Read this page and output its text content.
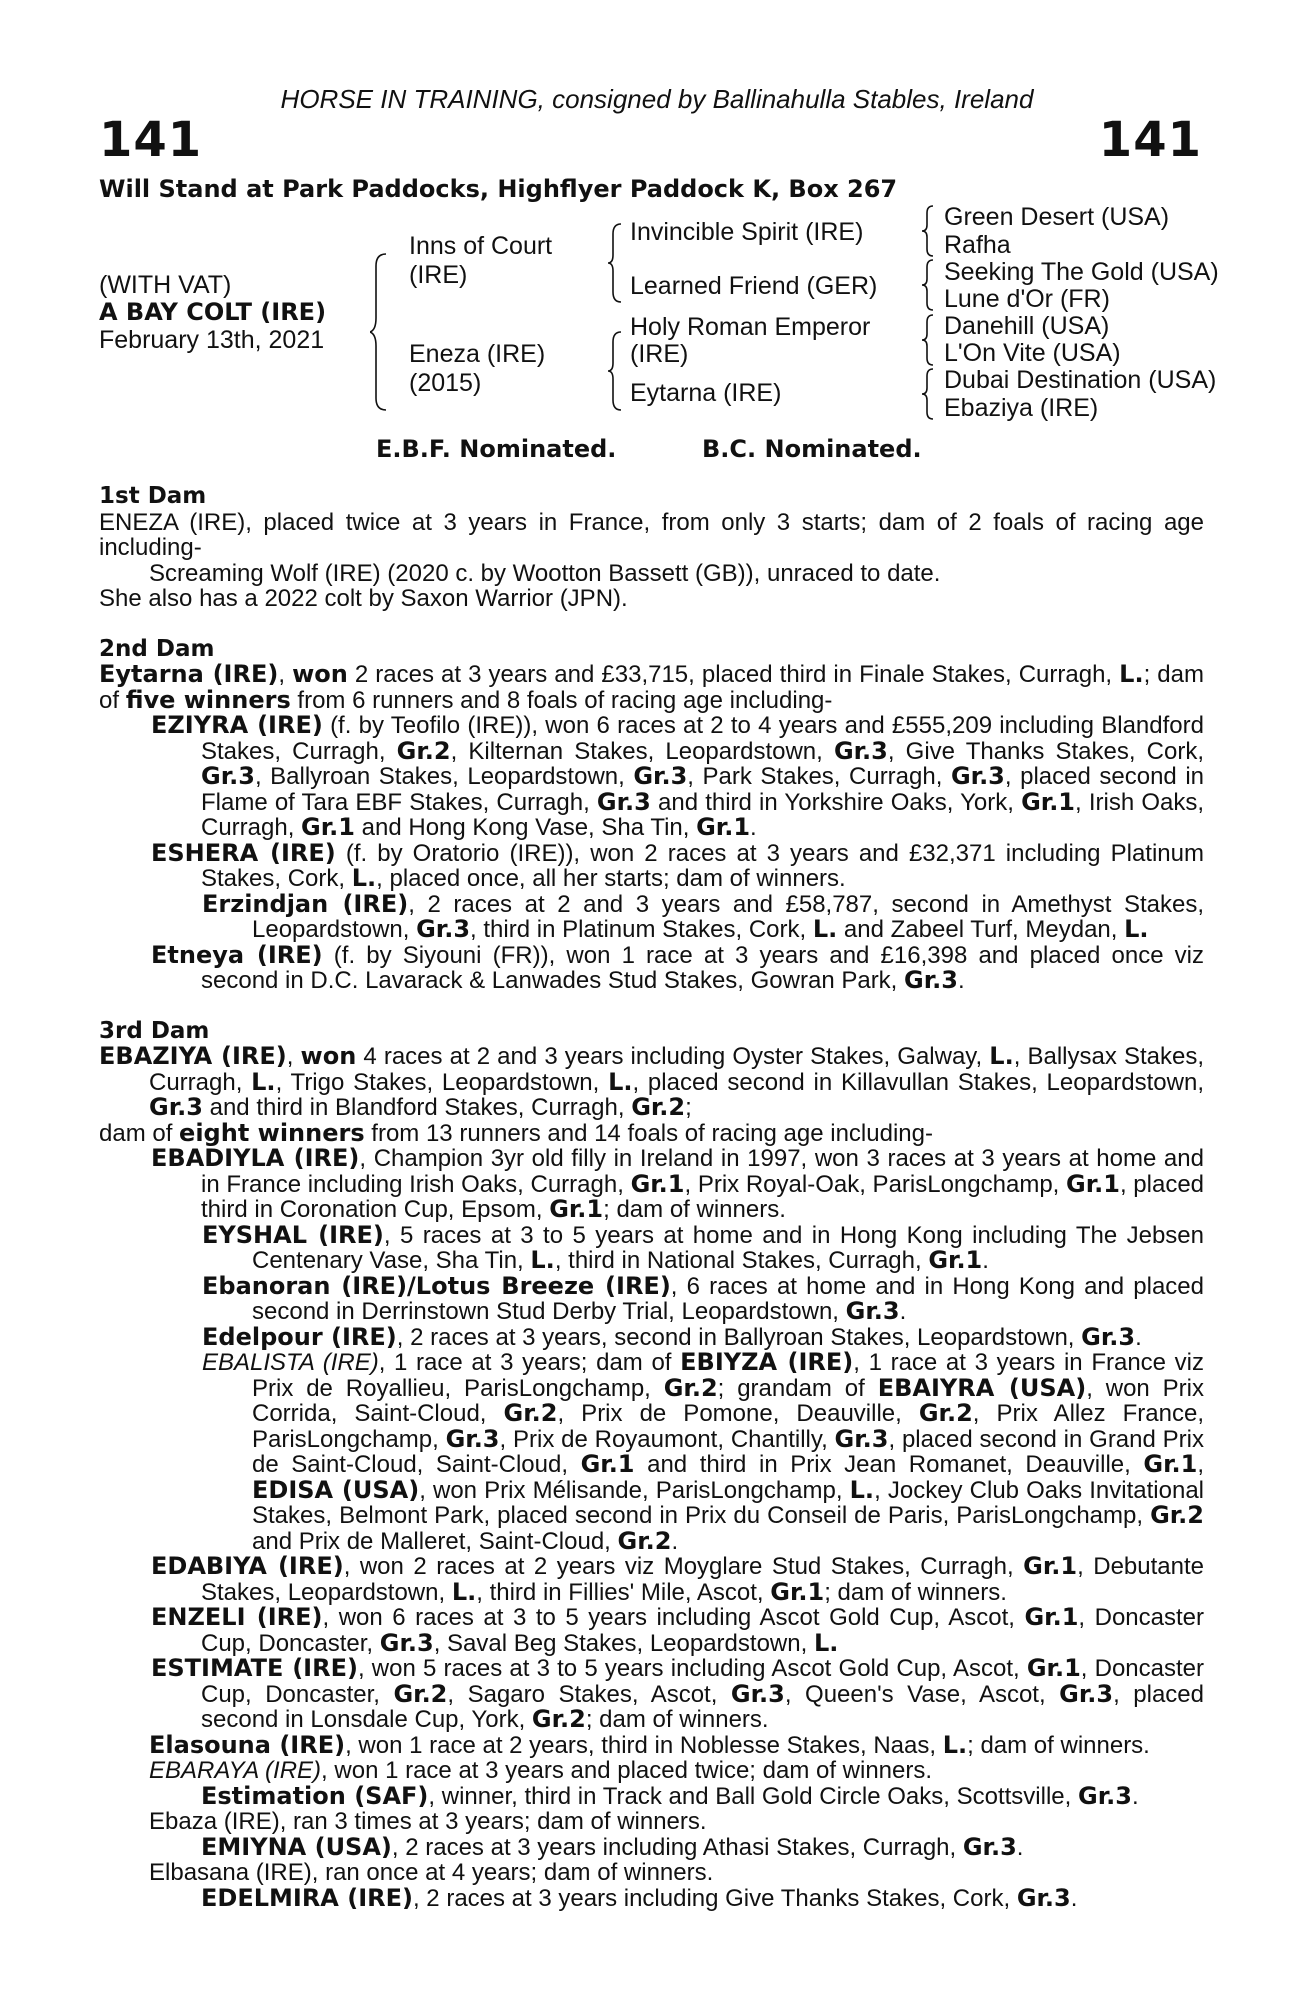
HORSE IN TRAINING, consigned by Ballinahulla Stables, Ireland
141	141
Will Stand at Park Paddocks, Highflyer Paddock K, Box 267
(WITH VAT)
A BAY COLT (IRE)
February 13th, 2021
Inns of Court
(IRE)
Eneza (IRE)
(2015)
Invincible Spirit (IRE)
Learned Friend (GER)
Holy Roman Emperor
(IRE)
Eytarna (IRE)
Green Desert (USA)
Rafha
Seeking The Gold (USA)
Lune d'Or (FR)
Danehill (USA)
L'On Vite (USA)
Dubai Destination (USA)
Ebaziya (IRE)
E.B.F. Nominated.	B.C. Nominated.
1st Dam
ENEZA (IRE), placed twice at 3 years in France, from only 3 starts; dam of 2 foals of racing age including-
Screaming Wolf (IRE) (2020 c. by Wootton Bassett (GB)), unraced to date.
She also has a 2022 colt by Saxon Warrior (JPN).
2nd Dam
Eytarna (IRE), won 2 races at 3 years and £33,715, placed third in Finale Stakes, Curragh, L.; dam of five winners from 6 runners and 8 foals of racing age including-
EZIYRA (IRE) (f. by Teofilo (IRE)), won 6 races at 2 to 4 years and £555,209 including Blandford Stakes, Curragh, Gr.2, Kilternan Stakes, Leopardstown, Gr.3, Give Thanks Stakes, Cork, Gr.3, Ballyroan Stakes, Leopardstown, Gr.3, Park Stakes, Curragh, Gr.3, placed second in Flame of Tara EBF Stakes, Curragh, Gr.3 and third in Yorkshire Oaks, York, Gr.1, Irish Oaks, Curragh, Gr.1 and Hong Kong Vase, Sha Tin, Gr.1.
ESHERA (IRE) (f. by Oratorio (IRE)), won 2 races at 3 years and £32,371 including Platinum Stakes, Cork, L., placed once, all her starts; dam of winners.
Erzindjan (IRE), 2 races at 2 and 3 years and £58,787, second in Amethyst Stakes, Leopardstown, Gr.3, third in Platinum Stakes, Cork, L. and Zabeel Turf, Meydan, L.
Etneya (IRE) (f. by Siyouni (FR)), won 1 race at 3 years and £16,398 and placed once viz second in D.C. Lavarack & Lanwades Stud Stakes, Gowran Park, Gr.3.
3rd Dam
EBAZIYA (IRE), won 4 races at 2 and 3 years including Oyster Stakes, Galway, L., Ballysax Stakes, Curragh, L., Trigo Stakes, Leopardstown, L., placed second in Killavullan Stakes, Leopardstown, Gr.3 and third in Blandford Stakes, Curragh, Gr.2;
dam of eight winners from 13 runners and 14 foals of racing age including-
EBADIYLA (IRE), Champion 3yr old filly in Ireland in 1997, won 3 races at 3 years at home and in France including Irish Oaks, Curragh, Gr.1, Prix Royal-Oak, ParisLongchamp, Gr.1, placed third in Coronation Cup, Epsom, Gr.1; dam of winners.
EYSHAL (IRE), 5 races at 3 to 5 years at home and in Hong Kong including The Jebsen Centenary Vase, Sha Tin, L., third in National Stakes, Curragh, Gr.1.
Ebanoran (IRE)/Lotus Breeze (IRE), 6 races at home and in Hong Kong and placed second in Derrinstown Stud Derby Trial, Leopardstown, Gr.3.
Edelpour (IRE), 2 races at 3 years, second in Ballyroan Stakes, Leopardstown, Gr.3.
EBALISTA (IRE), 1 race at 3 years; dam of EBIYZA (IRE), 1 race at 3 years in France viz Prix de Royallieu, ParisLongchamp, Gr.2; grandam of EBAIYRA (USA), won Prix Corrida, Saint-Cloud, Gr.2, Prix de Pomone, Deauville, Gr.2, Prix Allez France, ParisLongchamp, Gr.3, Prix de Royaumont, Chantilly, Gr.3, placed second in Grand Prix de Saint-Cloud, Saint-Cloud, Gr.1 and third in Prix Jean Romanet, Deauville, Gr.1, EDISA (USA), won Prix Mélisande, ParisLongchamp, L., Jockey Club Oaks Invitational Stakes, Belmont Park, placed second in Prix du Conseil de Paris, ParisLongchamp, Gr.2 and Prix de Malleret, Saint-Cloud, Gr.2.
EDABIYA (IRE), won 2 races at 2 years viz Moyglare Stud Stakes, Curragh, Gr.1, Debutante Stakes, Leopardstown, L., third in Fillies' Mile, Ascot, Gr.1; dam of winners.
ENZELI (IRE), won 6 races at 3 to 5 years including Ascot Gold Cup, Ascot, Gr.1, Doncaster Cup, Doncaster, Gr.3, Saval Beg Stakes, Leopardstown, L.
ESTIMATE (IRE), won 5 races at 3 to 5 years including Ascot Gold Cup, Ascot, Gr.1, Doncaster Cup, Doncaster, Gr.2, Sagaro Stakes, Ascot, Gr.3, Queen's Vase, Ascot, Gr.3, placed second in Lonsdale Cup, York, Gr.2; dam of winners.
Elasouna (IRE), won 1 race at 2 years, third in Noblesse Stakes, Naas, L.; dam of winners.
EBARAYA (IRE), won 1 race at 3 years and placed twice; dam of winners.
Estimation (SAF), winner, third in Track and Ball Gold Circle Oaks, Scottsville, Gr.3.
Ebaza (IRE), ran 3 times at 3 years; dam of winners.
EMIYNA (USA), 2 races at 3 years including Athasi Stakes, Curragh, Gr.3.
Elbasana (IRE), ran once at 4 years; dam of winners.
EDELMIRA (IRE), 2 races at 3 years including Give Thanks Stakes, Cork, Gr.3.
